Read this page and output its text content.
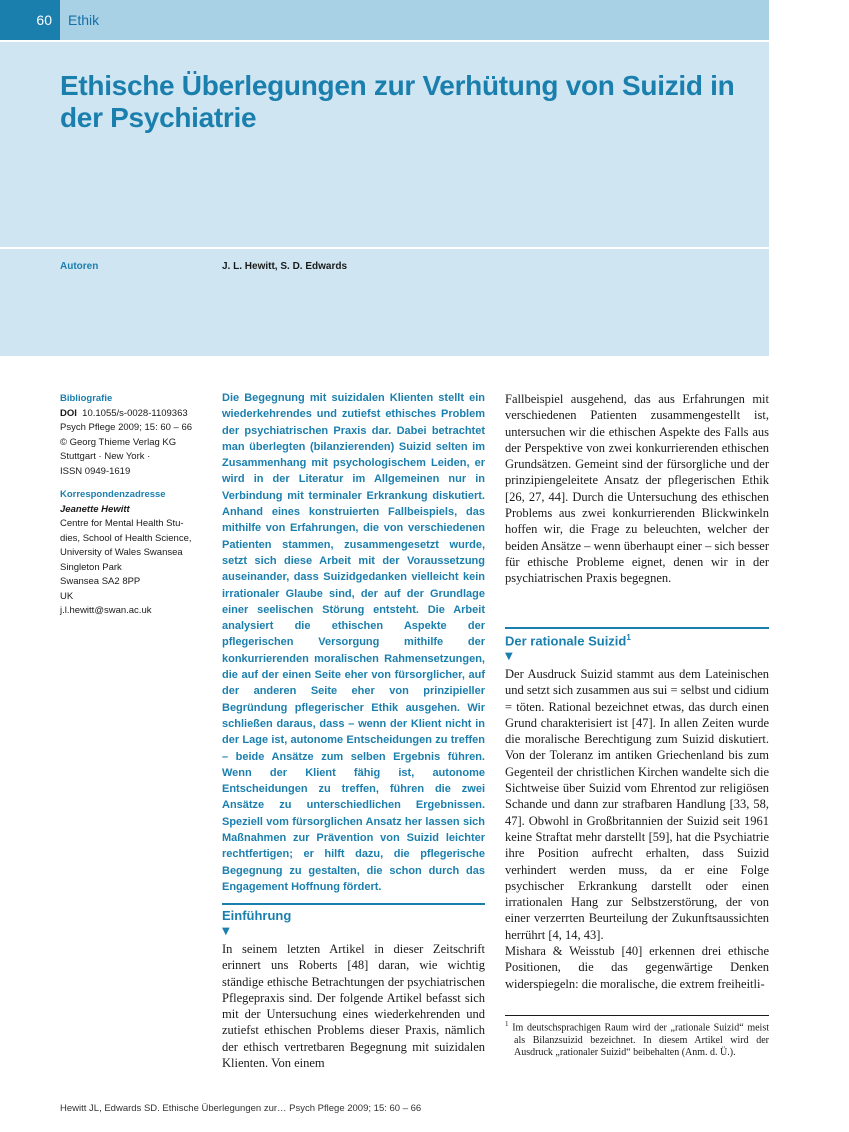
60	Ethik
Ethische Überlegungen zur Verhütung von Suizid in der Psychiatrie
Autoren	J. L. Hewitt, S. D. Edwards
Bibliografie
DOI 10.1055/s-0028-1109363
Psych Pflege 2009; 15: 60 – 66
© Georg Thieme Verlag KG
Stuttgart · New York ·
ISSN 0949-1619
Korrespondenzadresse
Jeanette Hewitt
Centre for Mental Health Stu-
dies, School of Health Science,
University of Wales Swansea
Singleton Park
Swansea SA2 8PP
UK
j.l.hewitt@swan.ac.uk
Die Begegnung mit suizidalen Klienten stellt ein wiederkehrendes und zutiefst ethisches Problem der psychiatrischen Praxis dar. Dabei betrachtet man überlegten (bilanzierenden) Suizid selten im Zusammenhang mit psychologischem Leiden, er wird in der Literatur im Allgemeinen nur in Verbindung mit terminaler Erkrankung diskutiert. Anhand eines konstruierten Fallbeispiels, das mithilfe von Erfahrungen, die von verschiedenen Patienten stammen, zusammengesetzt wurde, setzt sich diese Arbeit mit der Voraussetzung auseinander, dass Suizidgedanken vielleicht kein irrationaler Glaube sind, der auf der Grundlage einer seelischen Störung entsteht. Die Arbeit analysiert die ethischen Aspekte der pflegerischen Versorgung mithilfe der konkurrierenden moralischen Rahmensetzungen, die auf der einen Seite eher von fürsorglicher, auf der anderen Seite eher von prinzipieller Begründung pflegerischer Ethik ausgehen. Wir schließen daraus, dass – wenn der Klient nicht in der Lage ist, autonome Entscheidungen zu treffen – beide Ansätze zum selben Ergebnis führen. Wenn der Klient fähig ist, autonome Entscheidungen zu treffen, führen die zwei Ansätze zu unterschiedlichen Ergebnissen. Speziell vom fürsorglichen Ansatz her lassen sich Maßnahmen zur Prävention von Suizid leichter rechtfertigen; er hilft dazu, die pflegerische Begegnung zu gestalten, die schon durch das Engagement Hoffnung fördert.
Einführung
▼
In seinem letzten Artikel in dieser Zeitschrift erinnert uns Roberts [48] daran, wie wichtig ständige ethische Betrachtungen der psychiatrischen Pflegepraxis sind. Der folgende Artikel befasst sich mit der Untersuchung eines wiederkehrenden und zutiefst ethischen Problems dieser Praxis, nämlich der ethisch vertretbaren Begegnung mit suizidalen Klienten. Von einem
Fallbeispiel ausgehend, das aus Erfahrungen mit verschiedenen Patienten zusammengestellt ist, untersuchen wir die ethischen Aspekte des Falls aus der Perspektive von zwei konkurrierenden ethischen Grundsätzen. Gemeint sind der fürsorgliche und der prinzipiengeleitete Ansatz der pflegerischen Ethik [26, 27, 44]. Durch die Untersuchung des ethischen Problems aus zwei konkurrierenden Blickwinkeln hoffen wir, die Frage zu beleuchten, welcher der beiden Ansätze – wenn überhaupt einer – sich besser für ethische Probleme eignet, denen wir in der psychiatrischen Praxis begegnen.
Der rationale Suizid$^1$
▼

Der Ausdruck Suizid stammt aus dem Lateinischen und setzt sich zusammen aus sui = selbst und cidium = töten. Rational bezeichnet etwas, das durch einen Grund charakterisiert ist [47]. In allen Zeiten wurde die moralische Berechtigung zum Suizid diskutiert. Von der Toleranz im antiken Griechenland bis zum Gegenteil der christlichen Kirchen wandelte sich die Sichtweise über Suizid vom Ehrentod zur religiösen Schande und dann zur strafbaren Handlung [33, 58, 47]. Obwohl in Großbritannien der Suizid seit 1961 keine Straftat mehr darstellt [59], hat die Psychiatrie ihre Position aufrecht erhalten, dass Suizid verhindert werden muss, da er eine Folge psychischer Erkrankung darstellt oder einen irrationalen Hang zur Selbstzerstörung, der von einer verzerrten Beurteilung der Zukunftsaussichten herrührt [4, 14, 43].

Mishara & Weisstub [40] erkennen drei ethische Positionen, die das gegenwärtige Denken widerspiegeln: die moralische, die extrem freiheitli-

$^1$ Im deutschsprachigen Raum wird der „rationale Suizid“ meist als Bilanzsuizid bezeichnet. In diesem Artikel wird der Ausdruck „rationaler Suizid“ beibehalten (Anm. d. Ü.).
Hewitt JL, Edwards SD. Ethische Überlegungen zur… Psych Pflege 2009; 15: 60 – 66
